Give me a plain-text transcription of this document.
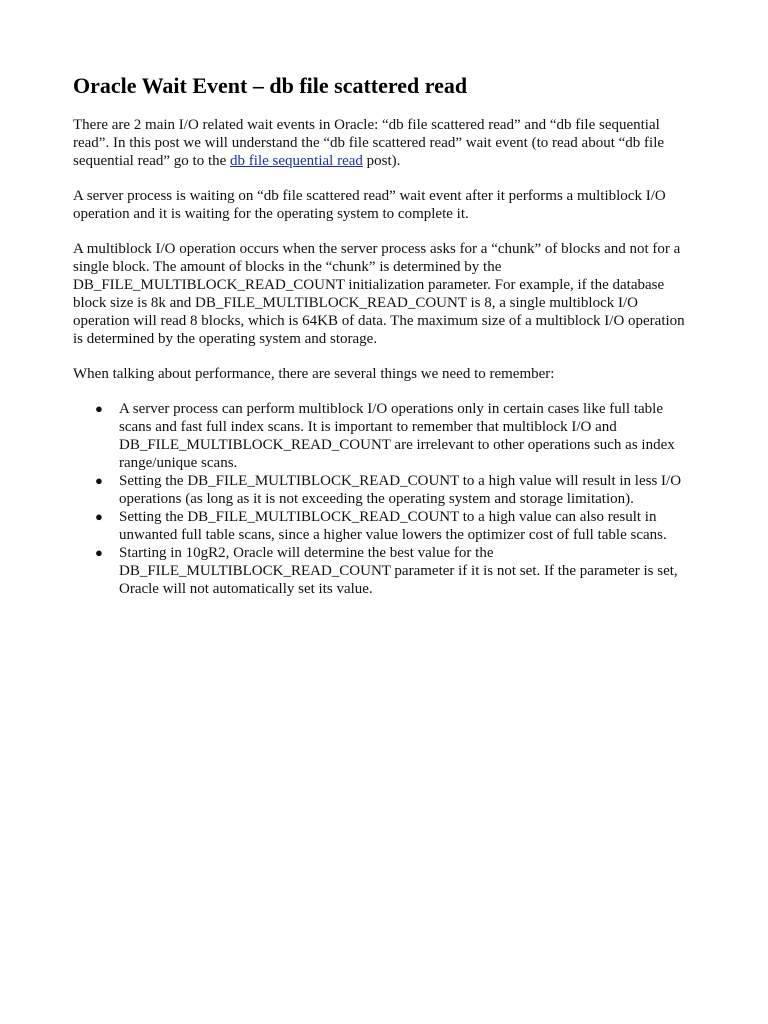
Oracle Wait Event – db file scattered read

There are 2 main I/O related wait events in Oracle: “db file scattered read” and “db file sequential read”. In this post we will understand the “db file scattered read” wait event (to read about “db file sequential read” go to the db file sequential read post).

A server process is waiting on “db file scattered read” wait event after it performs a multiblock I/O operation and it is waiting for the operating system to complete it.

A multiblock I/O operation occurs when the server process asks for a “chunk” of blocks and not for a single block. The amount of blocks in the “chunk” is determined by the DB_FILE_MULTIBLOCK_READ_COUNT initialization parameter. For example, if the database block size is 8k and DB_FILE_MULTIBLOCK_READ_COUNT is 8, a single multiblock I/O operation will read 8 blocks, which is 64KB of data. The maximum size of a multiblock I/O operation is determined by the operating system and storage.

When talking about performance, there are several things we need to remember:

● A server process can perform multiblock I/O operations only in certain cases like full table scans and fast full index scans. It is important to remember that multiblock I/O and DB_FILE_MULTIBLOCK_READ_COUNT are irrelevant to other operations such as index range/unique scans.
● Setting the DB_FILE_MULTIBLOCK_READ_COUNT to a high value will result in less I/O operations (as long as it is not exceeding the operating system and storage limitation).
● Setting the DB_FILE_MULTIBLOCK_READ_COUNT to a high value can also result in unwanted full table scans, since a higher value lowers the optimizer cost of full table scans.
● Starting in 10gR2, Oracle will determine the best value for the DB_FILE_MULTIBLOCK_READ_COUNT parameter if it is not set. If the parameter is set, Oracle will not automatically set its value.
